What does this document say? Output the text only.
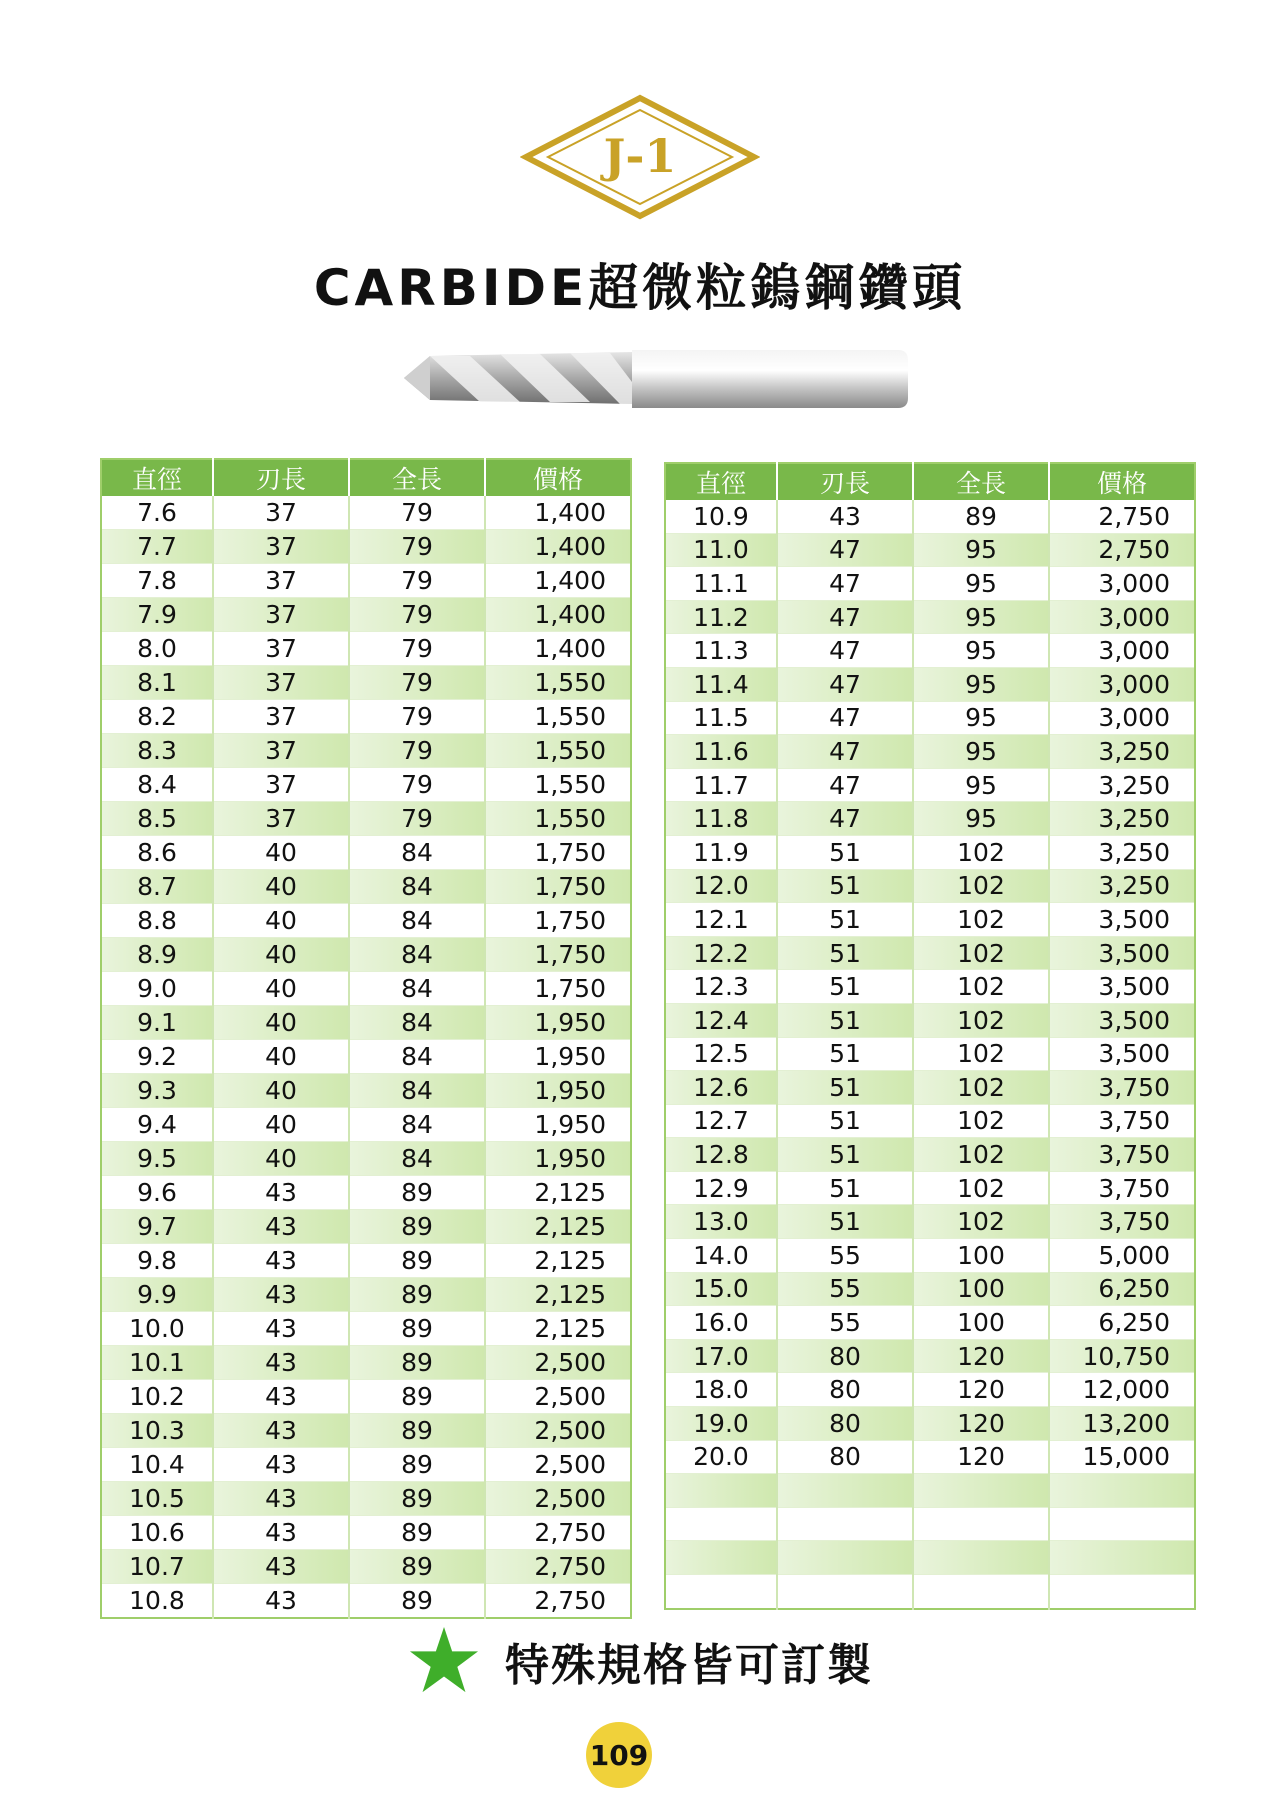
J-1
CARBIDE超微粒鎢鋼鑽頭
直徑	刃長	全長	價格
7.6	37	79	1,400
7.7	37	79	1,400
7.8	37	79	1,400
7.9	37	79	1,400
8.0	37	79	1,400
8.1	37	79	1,550
8.2	37	79	1,550
8.3	37	79	1,550
8.4	37	79	1,550
8.5	37	79	1,550
8.6	40	84	1,750
8.7	40	84	1,750
8.8	40	84	1,750
8.9	40	84	1,750
9.0	40	84	1,750
9.1	40	84	1,950
9.2	40	84	1,950
9.3	40	84	1,950
9.4	40	84	1,950
9.5	40	84	1,950
9.6	43	89	2,125
9.7	43	89	2,125
9.8	43	89	2,125
9.9	43	89	2,125
10.0	43	89	2,125
10.1	43	89	2,500
10.2	43	89	2,500
10.3	43	89	2,500
10.4	43	89	2,500
10.5	43	89	2,500
10.6	43	89	2,750
10.7	43	89	2,750
10.8	43	89	2,750
直徑	刃長	全長	價格
10.9	43	89	2,750
11.0	47	95	2,750
11.1	47	95	3,000
11.2	47	95	3,000
11.3	47	95	3,000
11.4	47	95	3,000
11.5	47	95	3,000
11.6	47	95	3,250
11.7	47	95	3,250
11.8	47	95	3,250
11.9	51	102	3,250
12.0	51	102	3,250
12.1	51	102	3,500
12.2	51	102	3,500
12.3	51	102	3,500
12.4	51	102	3,500
12.5	51	102	3,500
12.6	51	102	3,750
12.7	51	102	3,750
12.8	51	102	3,750
12.9	51	102	3,750
13.0	51	102	3,750
14.0	55	100	5,000
15.0	55	100	6,250
16.0	55	100	6,250
17.0	80	120	10,750
18.0	80	120	12,000
19.0	80	120	13,200
20.0	80	120	15,000

特殊規格皆可訂製
109
